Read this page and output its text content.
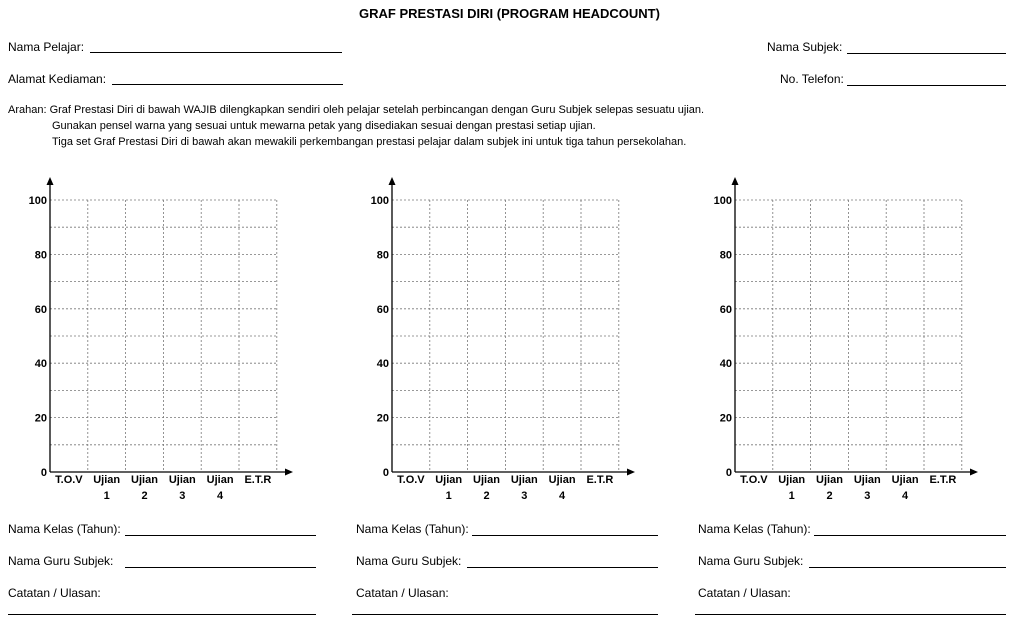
GRAF PRESTASI DIRI (PROGRAM HEADCOUNT)
Nama Pelajar:
Alamat Kediaman:
Nama Subjek:
No. Telefon:
Arahan: Graf Prestasi Diri di bawah WAJIB dilengkapkan sendiri oleh pelajar setelah perbincangan dengan Guru Subjek selepas sesuatu ujian.
Gunakan pensel warna yang sesuai untuk mewarna petak yang disediakan sesuai dengan prestasi setiap ujian.
Tiga set Graf Prestasi Diri di bawah akan mewakili perkembangan prestasi pelajar dalam subjek ini untuk tiga tahun persekolahan.
0
20
40
60
80
100
T.O.V Ujian
1
Ujian
2
Ujian
3
Ujian
4
E.T.R
0
20
40
60
80
100
T.O.V Ujian
1
Ujian
2
Ujian
3
Ujian
4
E.T.R
0
20
40
60
80
100
T.O.V Ujian
1
Ujian
2
Ujian
3
Ujian
4
E.T.R
Nama Kelas (Tahun):
Nama Guru Subjek:
Catatan / Ulasan:
Nama Kelas (Tahun):
Nama Guru Subjek:
Catatan / Ulasan:
Nama Kelas (Tahun):
Nama Guru Subjek:
Catatan / Ulasan:
